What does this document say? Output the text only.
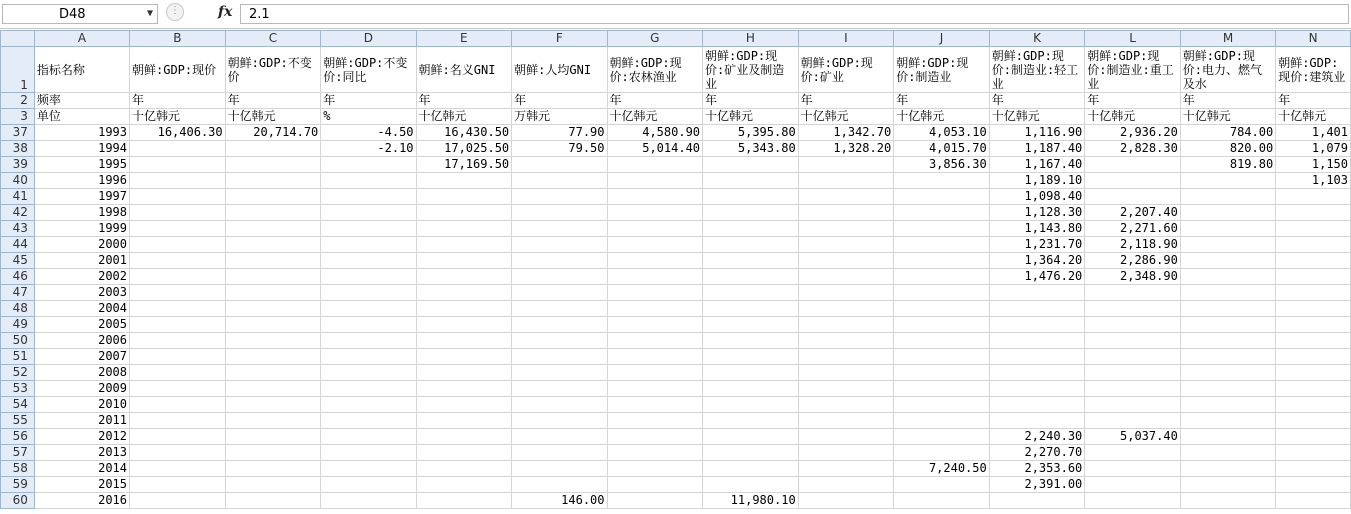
D48	▼	⋮	fx 2.1
	A	B	C	D	E	F	G	H	I	J	K	L	M	N
1	指标名称	朝鲜:GDP:现价	朝鲜:GDP:不变价	朝鲜:GDP:不变价:同比	朝鲜:名义GNI	朝鲜:人均GNI	朝鲜:GDP:现价:农林渔业	朝鲜:GDP:现价:矿业及制造业	朝鲜:GDP:现价:矿业	朝鲜:GDP:现价:制造业	朝鲜:GDP:现价:制造业:轻工业	朝鲜:GDP:现价:制造业:重工业	朝鲜:GDP:现价:电力、燃气及水	朝鲜:GDP:现价:建筑业

2	频率	年	年	年	年	年	年	年	年	年	年	年	年	年
3	单位	十亿韩元	十亿韩元	%	十亿韩元	万韩元	十亿韩元	十亿韩元	十亿韩元	十亿韩元	十亿韩元	十亿韩元	十亿韩元	十亿韩元
37	1993	16,406.30	20,714.70	-4.50	16,430.50	77.90	4,580.90	5,395.80	1,342.70	4,053.10	1,116.90	2,936.20	784.00	1,401
38	1994			-2.10	17,025.50	79.50	5,014.40	5,343.80	1,328.20	4,015.70	1,187.40	2,828.30	820.00	1,079
39	1995				17,169.50					3,856.30	1,167.40		819.80	1,150
40	1996										1,189.10			1,103
41	1997										1,098.40			
42	1998										1,128.30	2,207.40		
43	1999										1,143.80	2,271.60		
44	2000										1,231.70	2,118.90		
45	2001										1,364.20	2,286.90		
46	2002										1,476.20	2,348.90		
47	2003													
48	2004													
49	2005													
50	2006													
51	2007													
52	2008													
53	2009													
54	2010													
55	2011													
56	2012										2,240.30	5,037.40		
57	2013										2,270.70			
58	2014									7,240.50	2,353.60			
59	2015										2,391.00			
60	2016					146.00		11,980.10						
